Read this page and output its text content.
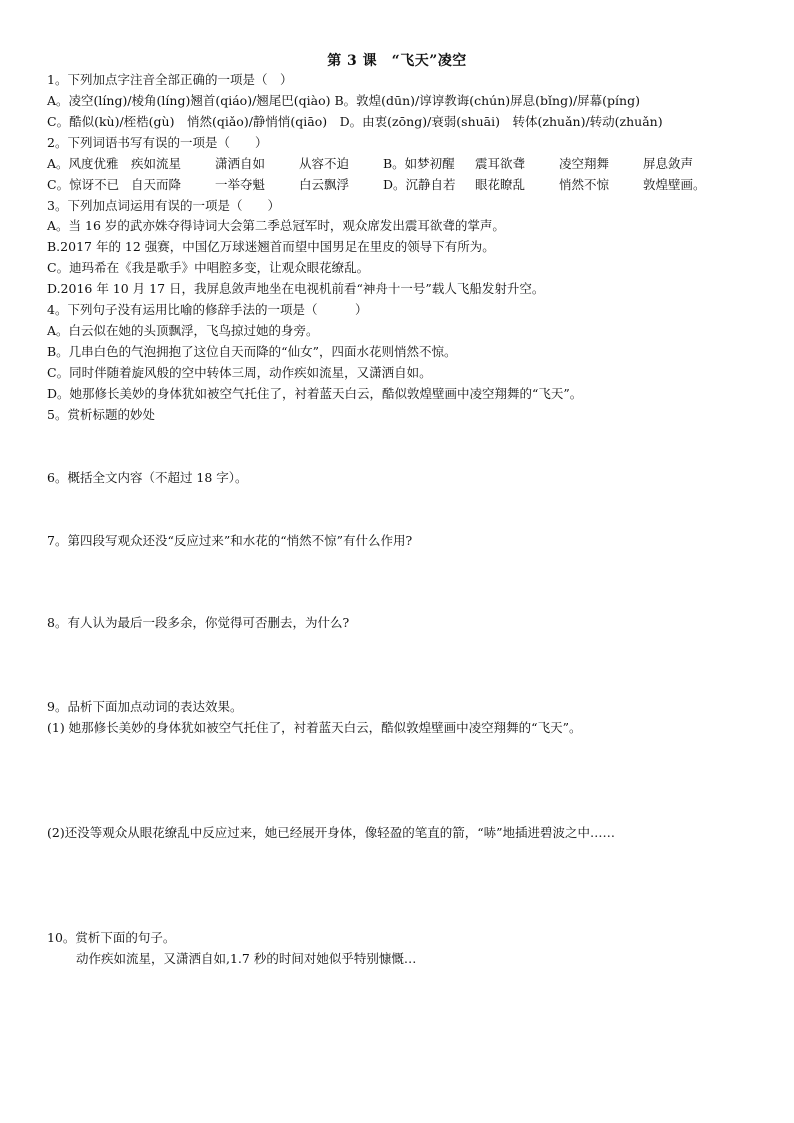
第 3 课　“飞天”凌空
1。下列加点字注音全部正确的一项是（　）
A。凌空(líng)/棱角(líng)翘首(qiáo)/翘尾巴(qiào) B。敦煌(dūn)/谆谆教诲(chún)屏息(bǐng)/屏幕(píng)
C。酷似(kù)/桎梏(gù)　悄然(qiǎo)/静悄悄(qiāo)　D。由衷(zōng)/衰弱(shuāi)　转体(zhuǎn)/转动(zhuǎn)
2。下列词语书写有误的一项是（　　）
A。风度优雅 疾如流星	潇洒自如	从容不迫	B。如梦初醒 震耳欲聋	凌空翔舞	屏息敛声
C。惊讶不已 自天而降	一举夺魁	白云飘浮	D。沉静自若 眼花瞭乱	悄然不惊	敦煌壁画。
3。下列加点词运用有误的一项是（　　）
A。当 16 岁的武亦姝夺得诗词大会第二季总冠军时，观众席发出震耳欲聋的掌声。
B.2017 年的 12 强赛，中国亿万球迷翘首而望中国男足在里皮的领导下有所为。
C。迪玛希在《我是歌手》中唱腔多变，让观众眼花缭乱。
D.2016 年 10 月 17 日，我屏息敛声地坐在电视机前看“神舟十一号”载人飞船发射升空。
4。下列句子没有运用比喻的修辞手法的一项是（　　　）
A。白云似在她的头顶飘浮，飞鸟掠过她的身旁。
B。几串白色的气泡拥抱了这位自天而降的“仙女”，四面水花则悄然不惊。
C。同时伴随着旋风般的空中转体三周，动作疾如流星，又潇洒自如。
D。她那修长美妙的身体犹如被空气托住了，衬着蓝天白云，酷似敦煌壁画中凌空翔舞的“飞天”。
5。赏析标题的妙处
6。概括全文内容（不超过 18 字）。
7。第四段写观众还没“反应过来”和水花的“悄然不惊”有什么作用?
8。有人认为最后一段多余，你觉得可否删去，为什么?
9。品析下面加点动词的表达效果。
(1) 她那修长美妙的身体犹如被空气托住了，衬着蓝天白云，酷似敦煌壁画中凌空翔舞的“飞天”。
(2)还没等观众从眼花缭乱中反应过来，她已经展开身体，像轻盈的笔直的箭，“哧”地插进碧波之中……
10。赏析下面的句子。
动作疾如流星，又潇洒自如,1.7 秒的时间对她似乎特别慷慨…
